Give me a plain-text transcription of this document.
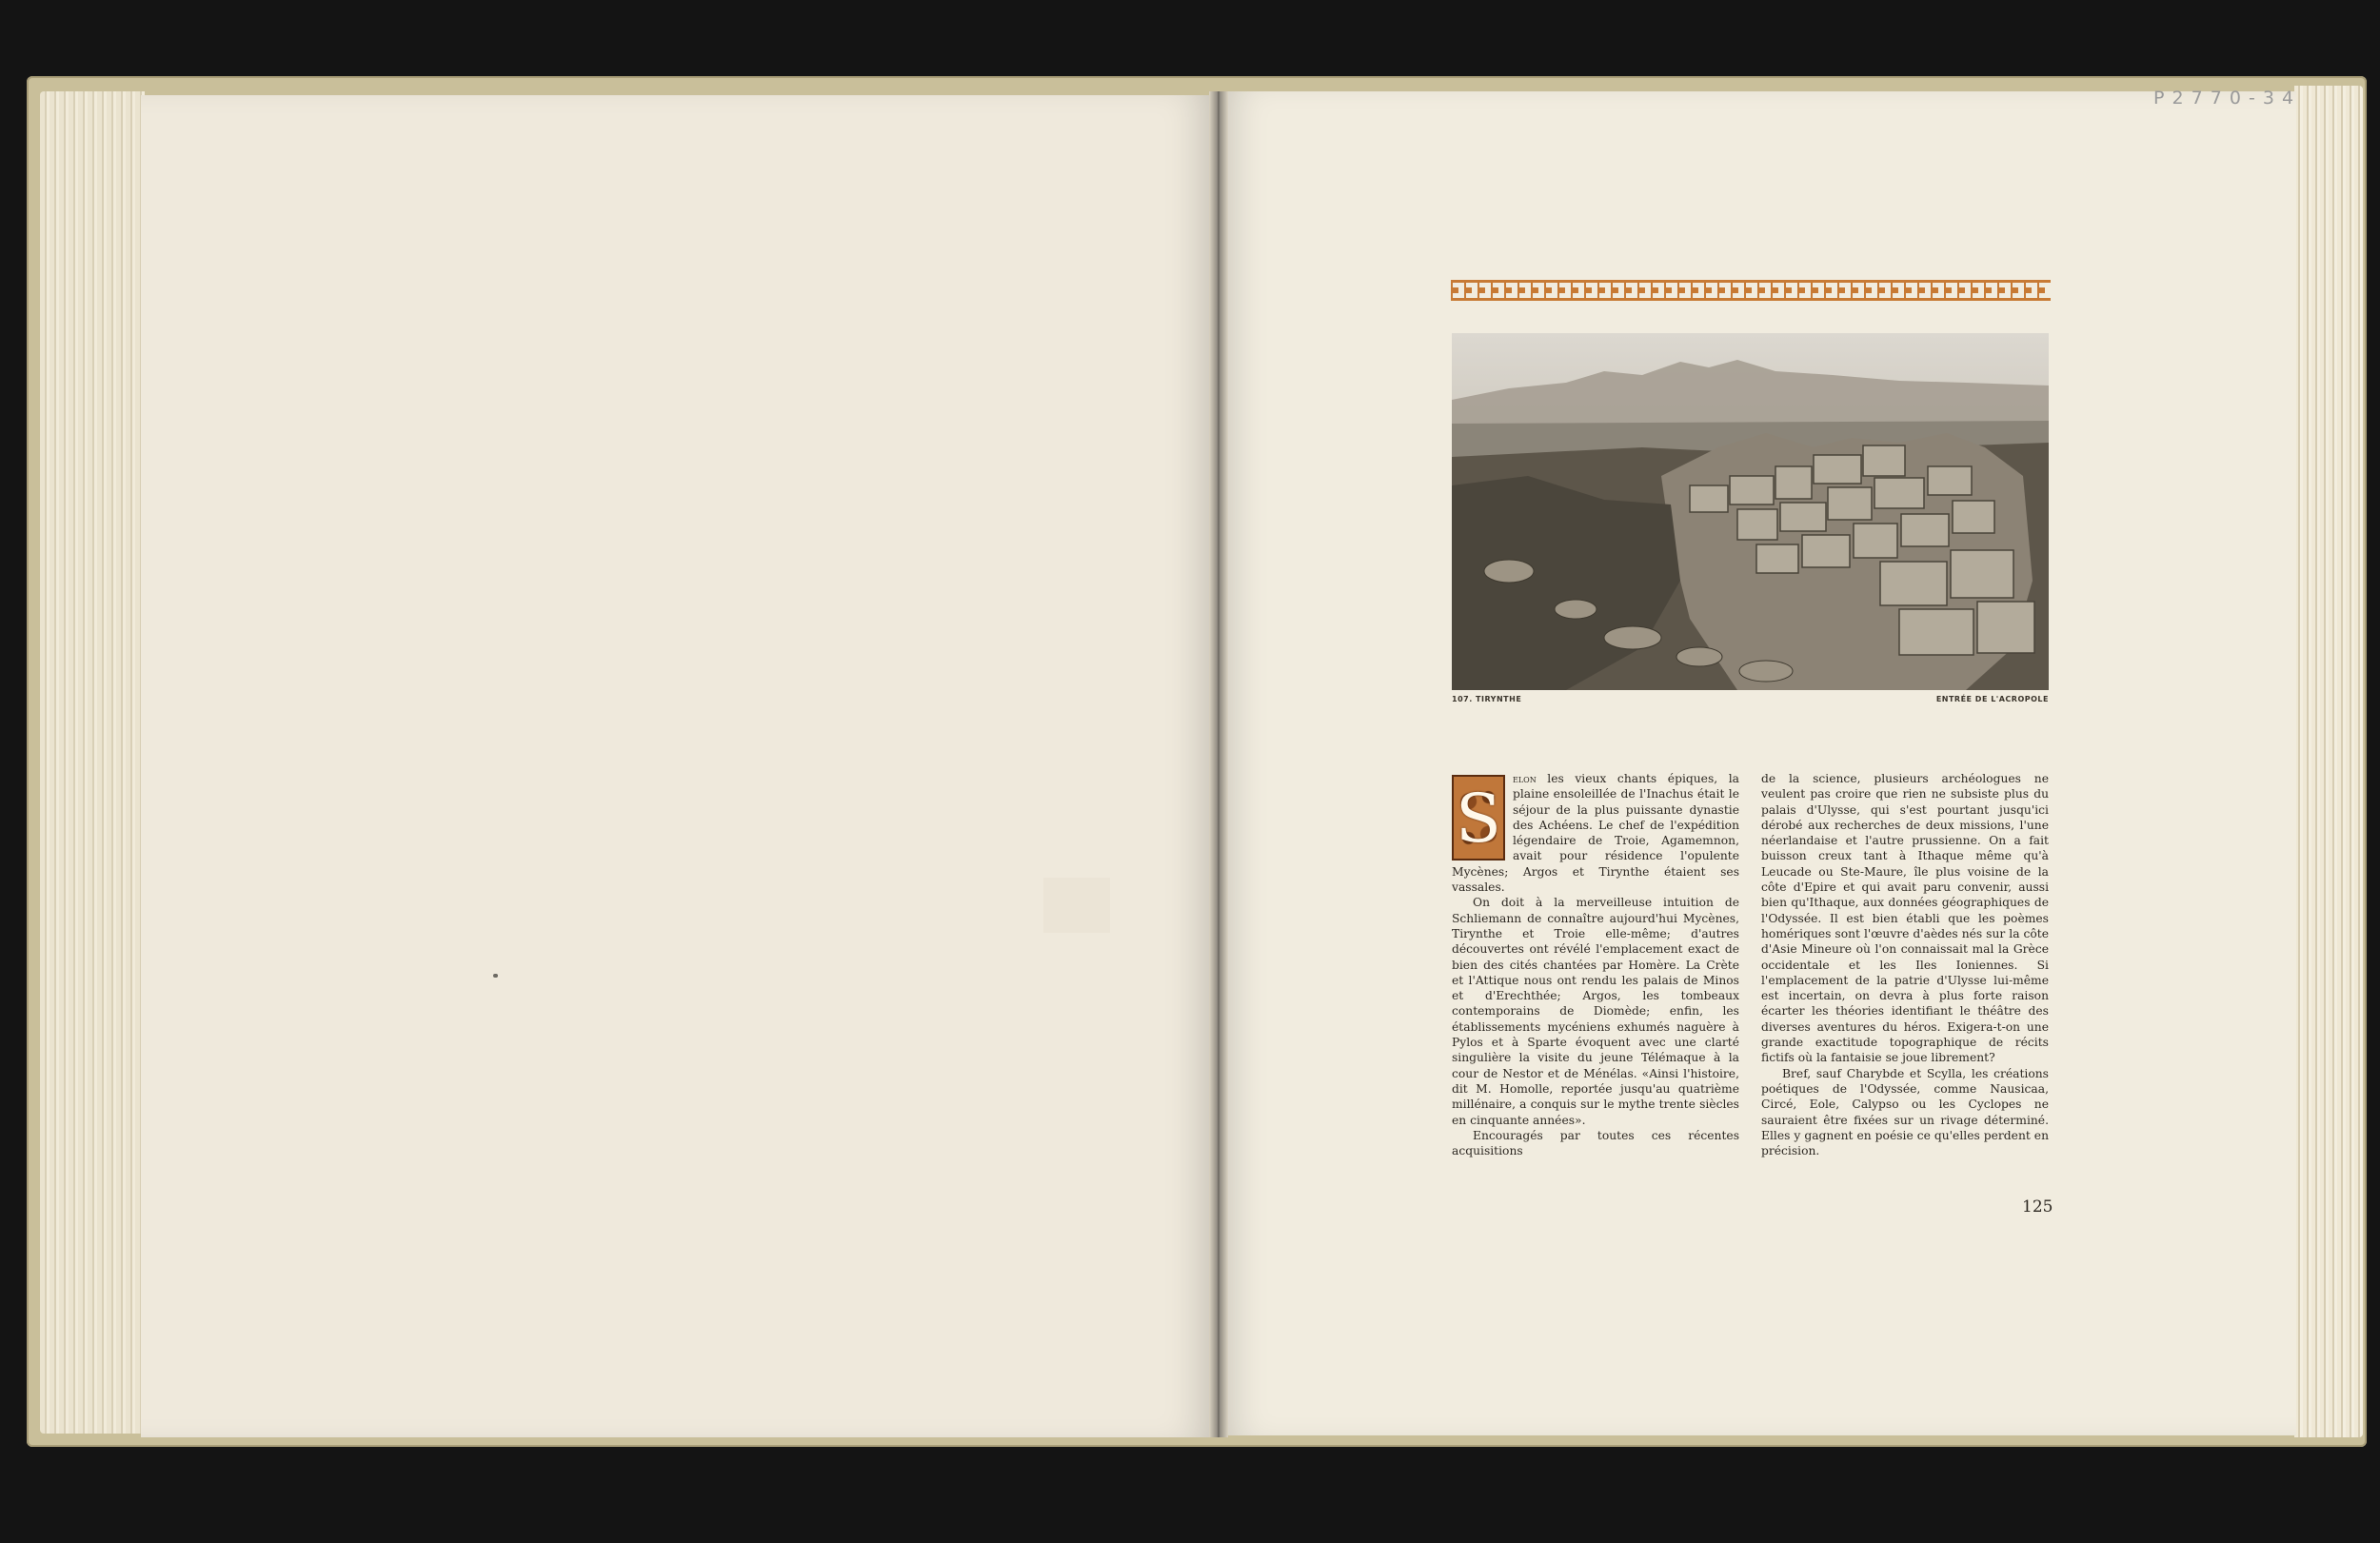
P 2 7 7 0 - 3 4
107. TIRYNTHE	ENTRÉE DE L'ACROPOLE

S
elon les vieux chants épiques, la plaine ensoleillée de l'Inachus était le séjour de la plus puissante dynastie des Achéens. Le chef de l'expédition légendaire de Troie, Agamemnon, avait pour résidence l'opulente Mycènes; Argos et Tirynthe étaient ses vassales.

On doit à la merveilleuse intuition de Schliemann de connaître aujourd'hui Mycènes, Tirynthe et Troie elle-même; d'autres découvertes ont révélé l'emplacement exact de bien des cités chantées par Homère. La Crète et l'Attique nous ont rendu les palais de Minos et d'Erechthée; Argos, les tombeaux contemporains de Diomède; enfin, les établissements mycéniens exhumés naguère à Pylos et à Sparte évoquent avec une clarté singulière la visite du jeune Télémaque à la cour de Nestor et de Ménélas. «Ainsi l'histoire, dit M. Homolle, reportée jusqu'au quatrième millénaire, a conquis sur le mythe trente siècles en cinquante années».

Encouragés par toutes ces récentes acquisitions

de la science, plusieurs archéologues ne veulent pas croire que rien ne subsiste plus du palais d'Ulysse, qui s'est pourtant jusqu'ici dérobé aux recherches de deux missions, l'une néerlandaise et l'autre prussienne. On a fait buisson creux tant à Ithaque même qu'à Leucade ou Ste-Maure, île plus voisine de la côte d'Epire et qui avait paru convenir, aussi bien qu'Ithaque, aux données géographiques de l'Odyssée. Il est bien établi que les poèmes homériques sont l'œuvre d'aèdes nés sur la côte d'Asie Mineure où l'on connaissait mal la Grèce occidentale et les Iles Ioniennes. Si l'emplacement de la patrie d'Ulysse lui-même est incertain, on devra à plus forte raison écarter les théories identifiant le théâtre des diverses aventures du héros. Exigera-t-on une grande exactitude topographique de récits fictifs où la fantaisie se joue librement?

Bref, sauf Charybde et Scylla, les créations poétiques de l'Odyssée, comme Nausicaa, Circé, Eole, Calypso ou les Cyclopes ne sauraient être fixées sur un rivage déterminé. Elles y gagnent en poésie ce qu'elles perdent en précision.

125
